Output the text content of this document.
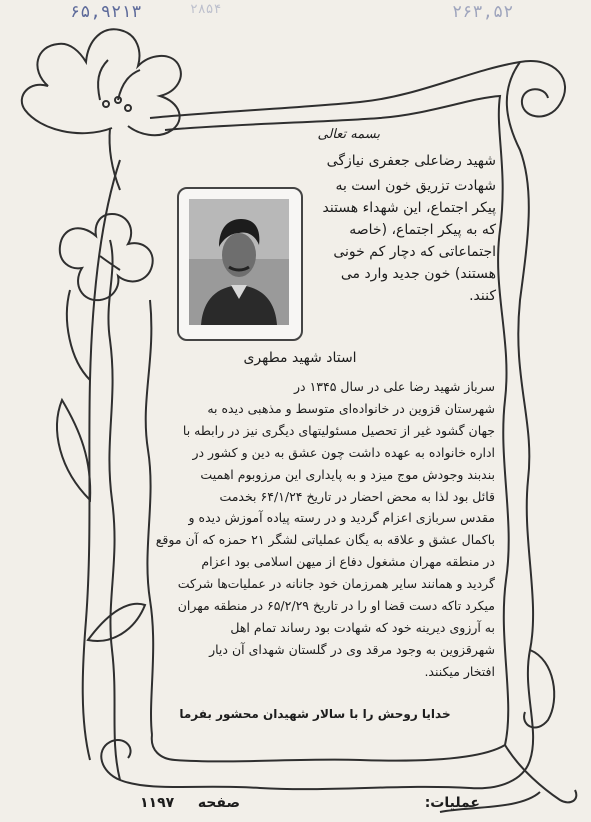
۶۵,۹۲۱۳	۲۸۵۴	۲۶۳,۵۲
بسمه تعالی
شهید رضاعلی جعفری نیازگی
شهادت تزریق خون است به
پیکر اجتماع، این شهداء هستند
که به پیکر اجتماع، (خاصه
اجتماعاتی که دچار کم خونی
هستند) خون جدید وارد می
کنند.
استاد شهید مطهری
سرباز شهید رضا علی در سال ۱۳۴۵ در
شهرستان قزوین در خانواده‌ای متوسط و مذهبی دیده به
جهان گشود غیر از تحصیل مسئولیتهای دیگری نیز در رابطه با
اداره خانواده به عهده داشت چون عشق به دین و کشور در
بندبند وجودش موج میزد و به پایداری این مرزوبوم اهمیت
قائل بود لذا به محض احضار در تاریخ ۶۴/۱/۲۴ بخدمت
مقدس سربازی اعزام گردید و در رسته پیاده آموزش دیده و
باکمال عشق و علاقه به یگان عملیاتی لشگر ۲۱ حمزه که آن موقع
در منطقه مهران مشغول دفاع از میهن اسلامی بود اعزام
گردید و همانند سایر همرزمان خود جانانه در عملیات‌ها شرکت
میکرد تاکه دست قضا او را در تاریخ ۶۵/۲/۲۹ در منطقه مهران
به آرزوی دیرینه خود که شهادت بود رساند تمام اهل
شهرقزوین به وجود مرقد وی در گلستان شهدای آن دیار
افتخار میکنند.
خدایا روحش را با سالار شهیدان محشور بفرما
عملیات:
صفحه
۱۱۹۷
